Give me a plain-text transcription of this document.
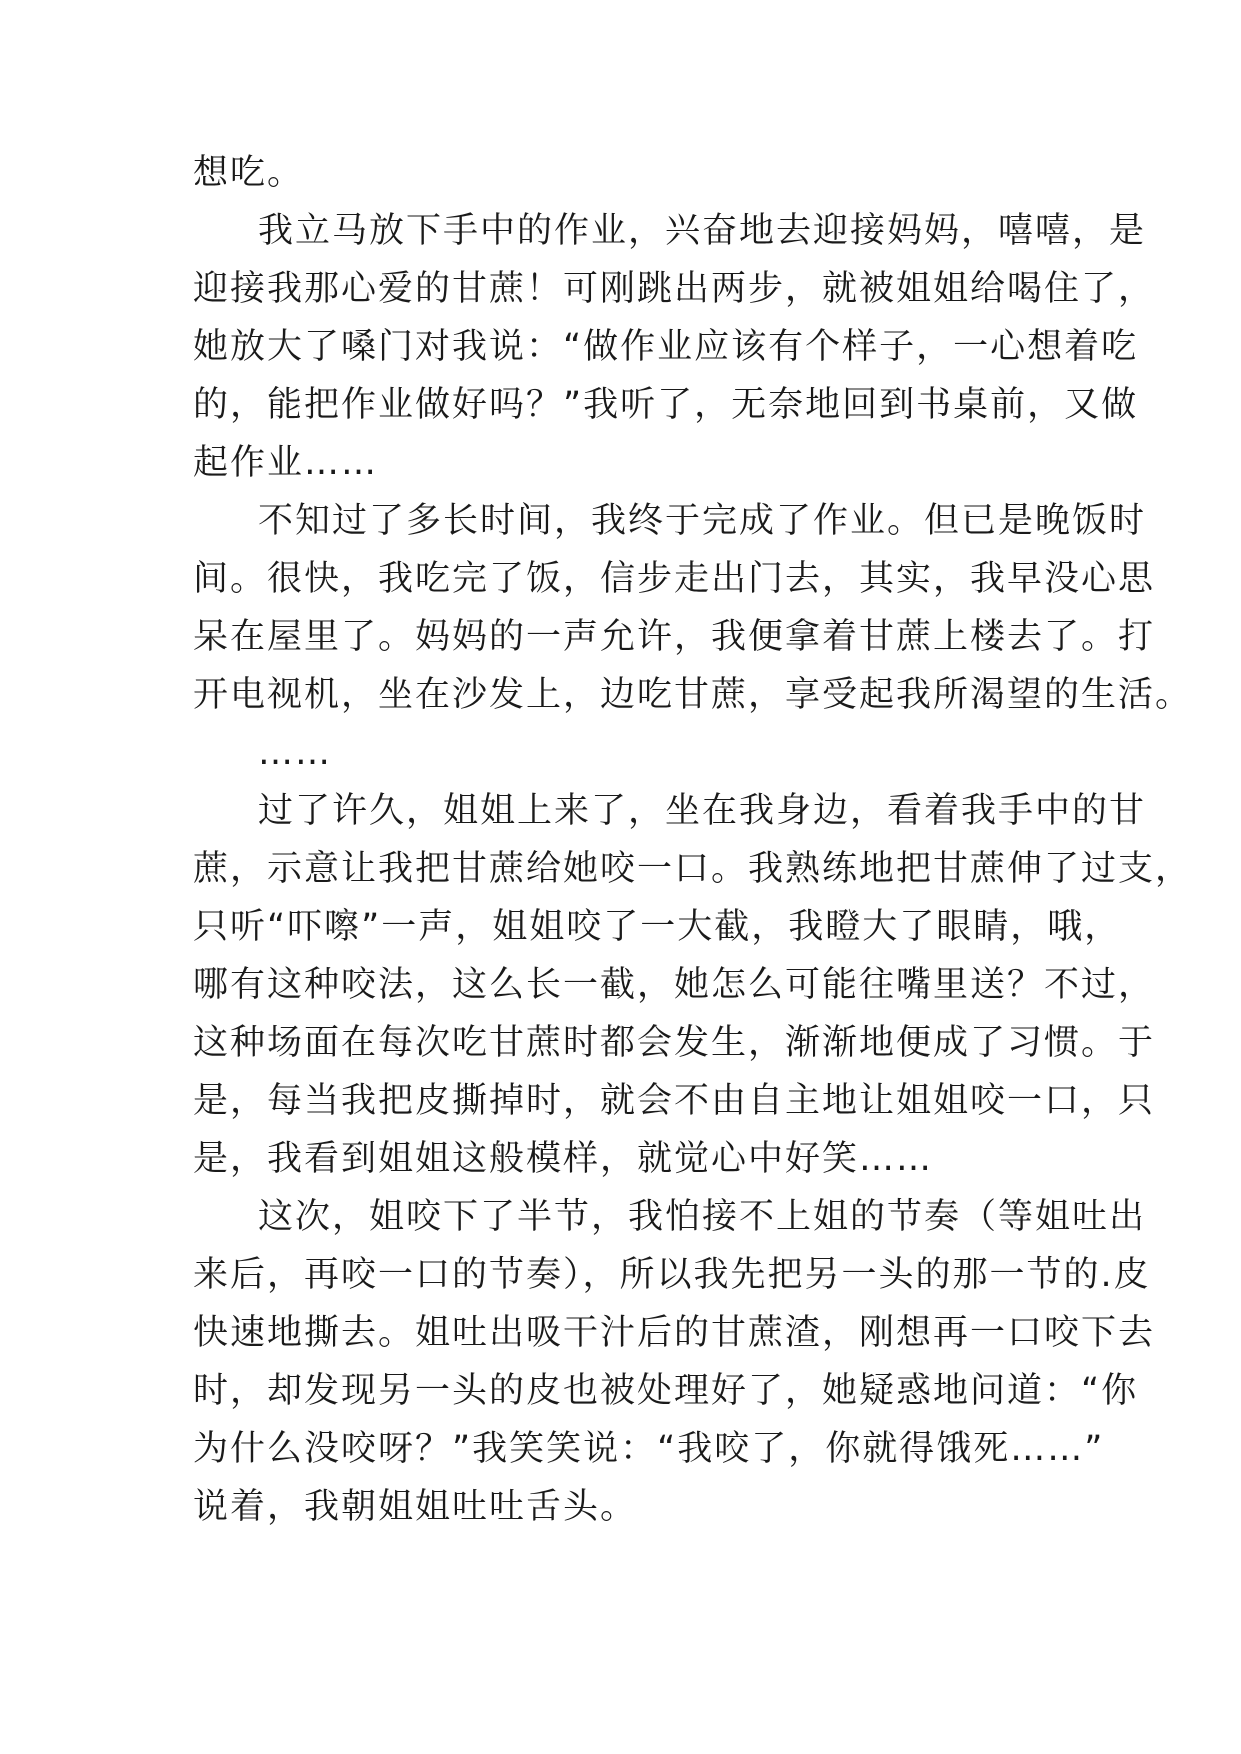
想吃。
我立马放下手中的作业，兴奋地去迎接妈妈，嘻嘻，是
迎接我那心爱的甘蔗！可刚跳出两步，就被姐姐给喝住了，
她放大了嗓门对我说：“做作业应该有个样子，一心想着吃
的，能把作业做好吗？”我听了，无奈地回到书桌前，又做
起作业……
不知过了多长时间，我终于完成了作业。但已是晚饭时
间。很快，我吃完了饭，信步走出门去，其实，我早没心思
呆在屋里了。妈妈的一声允许，我便拿着甘蔗上楼去了。打
开电视机，坐在沙发上，边吃甘蔗，享受起我所渴望的生活。
……
过了许久，姐姐上来了，坐在我身边，看着我手中的甘
蔗，示意让我把甘蔗给她咬一口。我熟练地把甘蔗伸了过支，
只听“吓嚓”一声，姐姐咬了一大截，我瞪大了眼睛，哦，
哪有这种咬法，这么长一截，她怎么可能往嘴里送？不过，
这种场面在每次吃甘蔗时都会发生，渐渐地便成了习惯。于
是，每当我把皮撕掉时，就会不由自主地让姐姐咬一口，只
是，我看到姐姐这般模样，就觉心中好笑……
这次，姐咬下了半节，我怕接不上姐的节奏（等姐吐出
来后，再咬一口的节奏），所以我先把另一头的那一节的.皮
快速地撕去。姐吐出吸干汁后的甘蔗渣，刚想再一口咬下去
时，却发现另一头的皮也被处理好了，她疑惑地问道：“你
为什么没咬呀？”我笑笑说：“我咬了，你就得饿死……”
说着，我朝姐姐吐吐舌头。
